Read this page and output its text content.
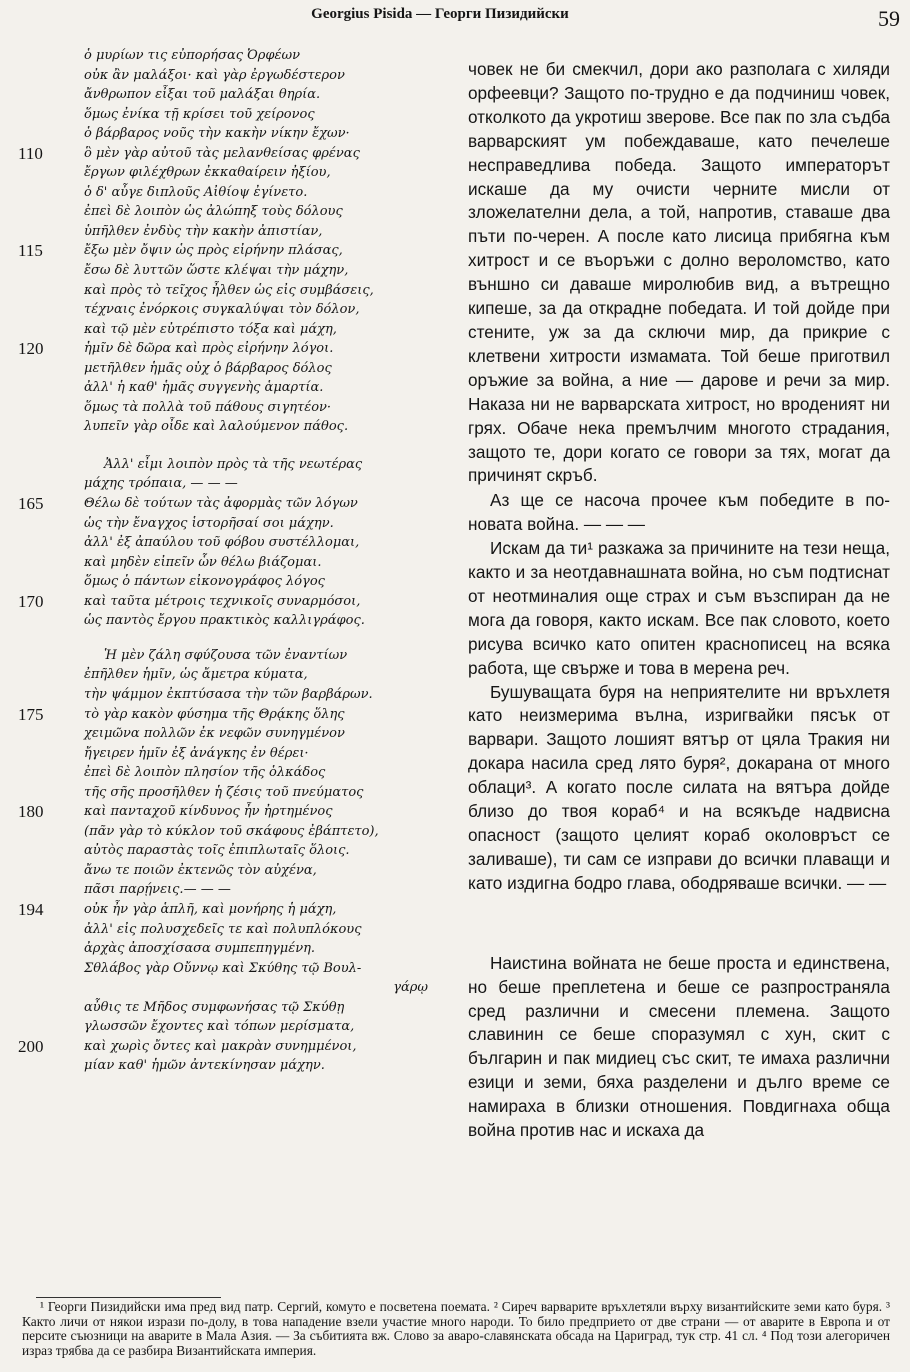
Georgius Pisida — Георги Пизидийски	59
ὁ μυρίων τις εὐπορήσας Ὀρφέων
οὐκ ἂν μαλάξοι· καὶ γὰρ ἐργωδέστερον
ἄνθρωπον εἶξαι τοῦ μαλάξαι θηρία.
ὅμως ἐνίκα τῇ κρίσει τοῦ χείρονος
ὁ βάρβαρος νοῦς τὴν κακὴν νίκην ἔχων·
110	ὃ μὲν γὰρ αὐτοῦ τὰς μελανθείσας φρένας
ἔργων φιλέχθρων ἐκκαθαίρειν ἠξίου,
ὁ δ' αὖγε διπλοῦς Αἰθίοψ ἐγίνετο.
ἐπεὶ δὲ λοιπὸν ὡς ἀλώπηξ τοὺς δόλους
ὑπῆλθεν ἐνδὺς τὴν κακὴν ἀπιστίαν,
115	ἔξω μὲν ὄψιν ὡς πρὸς εἰρήνην πλάσας,
ἔσω δὲ λυττῶν ὥστε κλέψαι τὴν μάχην,
καὶ πρὸς τὸ τεῖχος ἦλθεν ὡς εἰς συμβάσεις,
τέχναις ἐνόρκοις συγκαλύψαι τὸν δόλον,
καὶ τῷ μὲν εὐτρέπιστο τόξα καὶ μάχη,
120	ἡμῖν δὲ δῶρα καὶ πρὸς εἰρήνην λόγοι.
μετῆλθεν ἡμᾶς οὐχ ὁ βάρβαρος δόλος
ἀλλ' ἡ καθ' ἡμᾶς συγγενὴς ἁμαρτία.
ὅμως τὰ πολλὰ τοῦ πάθους σιγητέον·
λυπεῖν γὰρ οἶδε καὶ λαλούμενον πάθος.
Ἀλλ' εἶμι λοιπὸν πρὸς τὰ τῆς νεωτέρας
μάχης τρόπαια, — — —
165	Θέλω δὲ τούτων τὰς ἀφορμὰς τῶν λόγων
ὡς τὴν ἔναγχος ἱστορῆσαί σοι μάχην.
ἀλλ' ἐξ ἀπαύλου τοῦ φόβου συστέλλομαι,
καὶ μηδὲν εἰπεῖν ὧν θέλω βιάζομαι.
ὅμως ὁ πάντων εἰκονογράφος λόγος
170	καὶ ταῦτα μέτροις τεχνικοῖς συναρμόσοι,
ὡς παντὸς ἔργου πρακτικὸς καλλιγράφος.
Ἡ μὲν ζάλη σφύζουσα τῶν ἐναντίων
ἐπῆλθεν ἡμῖν, ὡς ἄμετρα κύματα,
τὴν ψάμμον ἐκπτύσασα τὴν τῶν βαρβάρων.
175	τὸ γὰρ κακὸν φύσημα τῆς Θρᾴκης ὅλης
χειμῶνα πολλῶν ἐκ νεφῶν συνηγμένον
ἤγειρεν ἡμῖν ἐξ ἀνάγκης ἐν θέρει·
ἐπεὶ δὲ λοιπὸν πλησίον τῆς ὁλκάδος
τῆς σῆς προσῆλθεν ἡ ζέσις τοῦ πνεύματος
180	καὶ πανταχοῦ κίνδυνος ἦν ἠρτημένος
(πᾶν γὰρ τὸ κύκλον τοῦ σκάφους ἐβάπτετο),
αὐτὸς παραστὰς τοῖς ἐπιπλωταῖς ὅλοις.
ἄνω τε ποιῶν ἐκτενῶς τὸν αὐχένα,
πᾶσι παρῄνεις.— — —
194	οὐκ ἦν γὰρ ἁπλῆ, καὶ μονήρης ἡ μάχη,
ἀλλ' εἰς πολυσχεδεῖς τε καὶ πολυπλόκους
ἀρχὰς ἀποσχίσασα συμπεπηγμένη.
Σθλάβος γὰρ Οὔννῳ καὶ Σκύθης τῷ Βουλ-
γάρῳ
αὖθις τε Μῆδος συμφωνήσας τῷ Σκύθῃ
γλωσσῶν ἔχοντες καὶ τόπων μερίσματα,
200	καὶ χωρὶς ὄντες καὶ μακρὰν συνημμένοι,
μίαν καθ' ἡμῶν ἀντεκίνησαν μάχην.

човек не би смекчил, дори ако разполага с хиляди орфеевци? Защото по-трудно е да подчиниш човек, отколкото да укротиш зверове. Все пак по зла съдба варварският ум побеждаваше, като печелеше несправедлива победа. Защото императорът искаше да му очисти черните мисли от зложелателни дела, а той, напротив, ставаше два пъти по-черен. А после като лисица прибягна към хитрост и се въоръжи с долно вероломство, като външно си даваше миролюбив вид, а вътрещно кипеше, за да открадне победата. И той дойде при стените, уж за да сключи мир, да прикрие с клетвени хитрости измамата. Той беше приготвил оръжие за война, а ние — дарове и речи за мир. Наказа ни не варварската хитрост, но вроденият ни грях. Обаче нека премълчим многото страдания, защото те, дори когато се говори за тях, могат да причинят скръб.

Аз ще се насоча прочее към победите в по-новата война. — — —

Искам да ти¹ разкажа за причините на тези неща, както и за неотдавнашната война, но съм подтиснат от неотминалия още страх и съм възспиран да не мога да говоря, както искам. Все пак словото, което рисува всичко като опитен краснописец на всяка работа, ще свърже и това в мерена реч.

Бушуващата буря на неприятелите ни връхлетя като неизмерима вълна, изригвайки пясък от варвари. Защото лошият вятър от цяла Тракия ни докара насила сред лято буря², докарана от много облаци³. А когато после силата на вятъра дойде близо до твоя кораб⁴ и на всякъде надвисна опасност (защото целият кораб околовръст се заливаше), ти сам се изправи до всички плаващи и като издигна бодро глава, ободряваше всички. — —

Наистина войната не беше проста и единствена, но беше преплетена и беше се разпространяла сред различни и смесени племена. Защото славинин се беше споразумял с хун, скит с българин и пак мидиец със скит, те имаха различни езици и земи, бяха разделени и дълго време се намираха в близки отношения. Повдигнаха обща война против нас и искаха да

¹ Георги Пизидийски има пред вид патр. Сергий, комуто е посветена поемата. ² Сиреч варварите връхлетяли върху византийските земи като буря. ³ Както личи от някои изрази по-долу, в това нападение взели участие много народи. То било предприето от две страни — от аварите в Европа и от персите съюзници на аварите в Мала Азия. — За събитията вж. Слово за аваро-славянската обсада на Цариград, тук стр. 41 сл. ⁴ Под този алегоричен израз трябва да се разбира Византийската империя.
